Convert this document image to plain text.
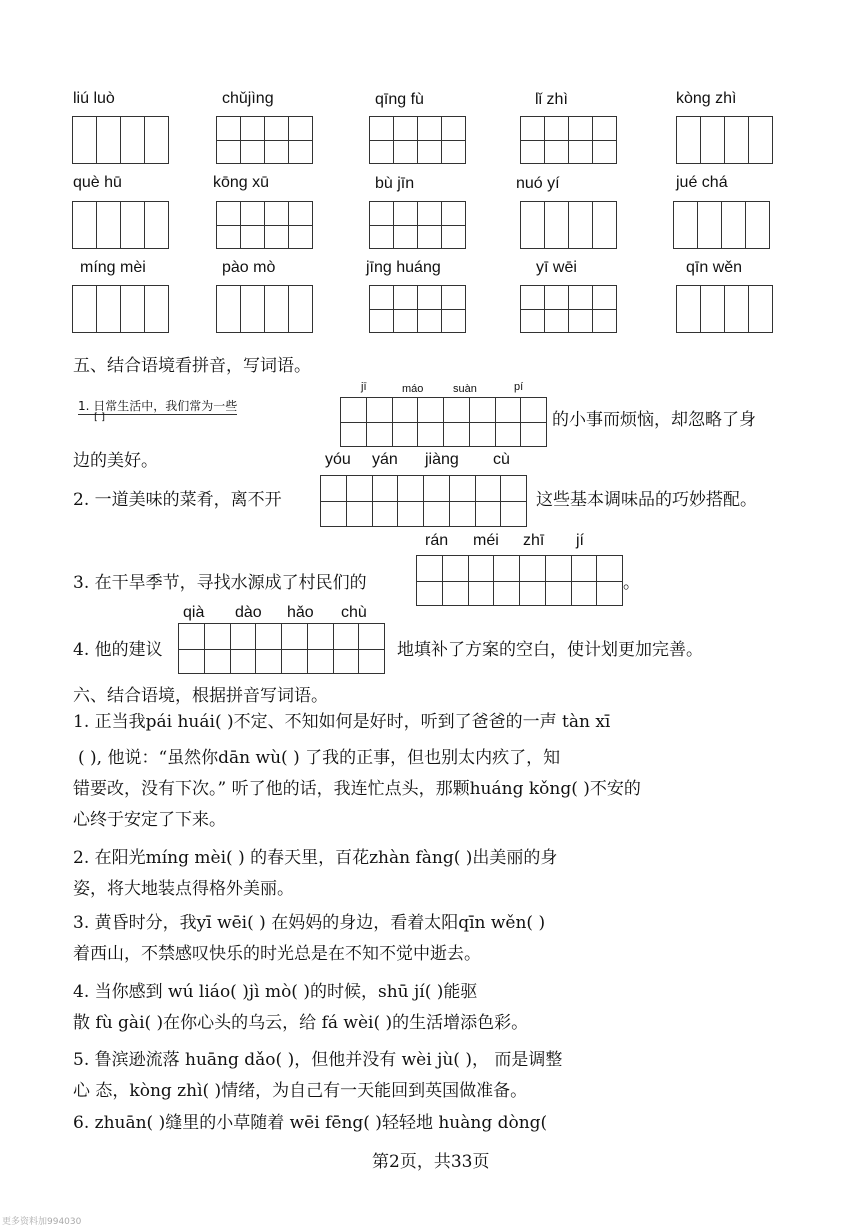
liú luò	chǔjìng	qīng fù	lǐ zhì	kòng zhì
què hū	kōng xū	bù jīn	nuó yí	jué chá
míng mèi	pào mò	jīng huáng	yī wēi	qīn wěn
五、结合语境看拼音，写词语。
jī	máo	suàn	pí
1. 日常生活中，我们常为一些
[ ]	的小事而烦恼，却忽略了身
边的美好。	yóu yán jiàng cù
2. 一道美味的菜肴，离不开	这些基本调味品的巧妙搭配。
rán méi zhī jí
3. 在干旱季节，寻找水源成了村民们的	。
qià dào hǎo chù
4. 他的建议	地填补了方案的空白，使计划更加完善。
六、结合语境，根据拼音写词语。
1. 正当我pái huái( )不定、不知如何是好时，听到了爸爸的一声 tàn xī
( ), 他说：“虽然你dān wù( ) 了我的正事，但也别太内疚了，知
错要改，没有下次。” 听了他的话，我连忙点头，那颗huáng kǒng( )不安的
心终于安定了下来。
2. 在阳光míng mèi( ) 的春天里，百花zhàn fàng( )出美丽的身
姿，将大地装点得格外美丽。
3. 黄昏时分，我yī wēi( ) 在妈妈的身边，看着太阳qīn wěn( )
着西山，不禁感叹快乐的时光总是在不知不觉中逝去。
4. 当你感到 wú liáo( )jì mò( )的时候，shū jí( )能驱
散 fù gài( )在你心头的乌云，给 fá wèi( )的生活增添色彩。
5. 鲁滨逊流落 huāng dǎo( )，但他并没有 wèi jù( )， 而是调整
心 态，kòng zhì( )情绪，为自己有一天能回到英国做准备。
6. zhuān( )缝里的小草随着 wēi fēng( )轻轻地 huàng dòng(
第2页，共33页
更多资料加994030
